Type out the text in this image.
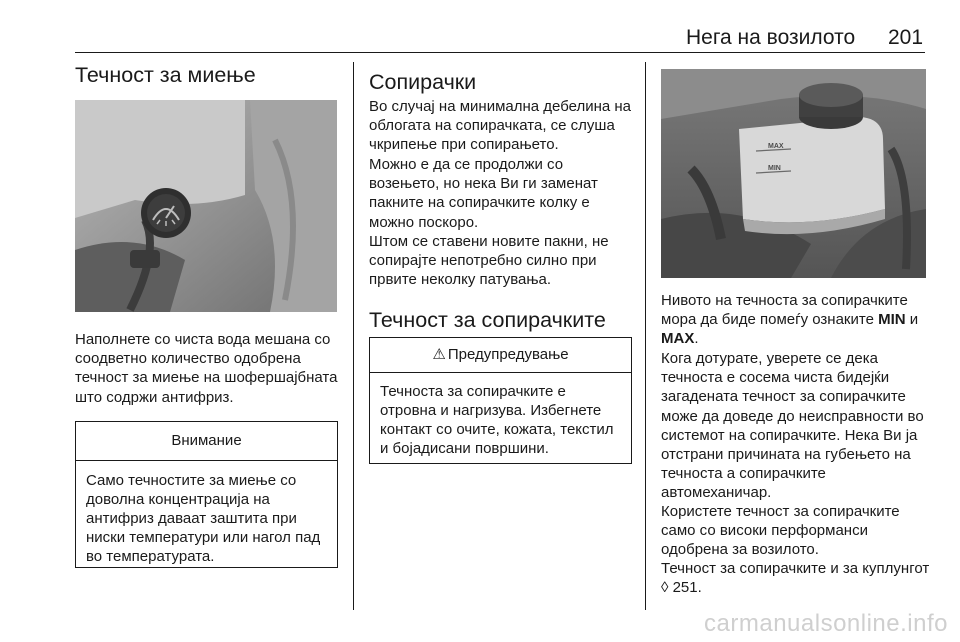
Нега на возилото 201
Течност за миење

Наполнете со чиста вода мешана со соодветно количество одобрена течност за миење на шофершајбната што содржи антифриз.

Внимание
Само течностите за миење со доволна концентрација на антифриз даваат заштита при ниски температури или нагол пад во температурата.
Сопирачки

Во случај на минимална дебелина на облогата на сопирачката, се слуша чкрипење при сопирањето.

Можно е да се продолжи со возењето, но нека Ви ги заменат пакните на сопирачките колку е можно поскоро.

Штом се ставени новите пакни, не сопирајте непотребно силно при првите неколку патувања.

Течност за сопирачките
⚠ Предупредување
Течноста за сопирачките е отровна и нагризува. Избегнете контакт со очите, кожата, текстил и бојадисани површини.
MAX
MIN

Нивото на течноста за сопирачките мора да биде помеѓу ознаките MIN и MAX.

Кога дотурате, уверете се дека течноста е сосема чиста бидејќи загадената течност за сопирачките може да доведе до неисправности во системот на сопирачките. Нека Ви ја отстрани причината на губењето на течноста а сопирачките автомеханичар.

Користете течност за сопирачките само со високи перформанси одобрена за возилото.

Течност за сопирачките и за куплунгот ◊ 251.

carmanualsonline.info
